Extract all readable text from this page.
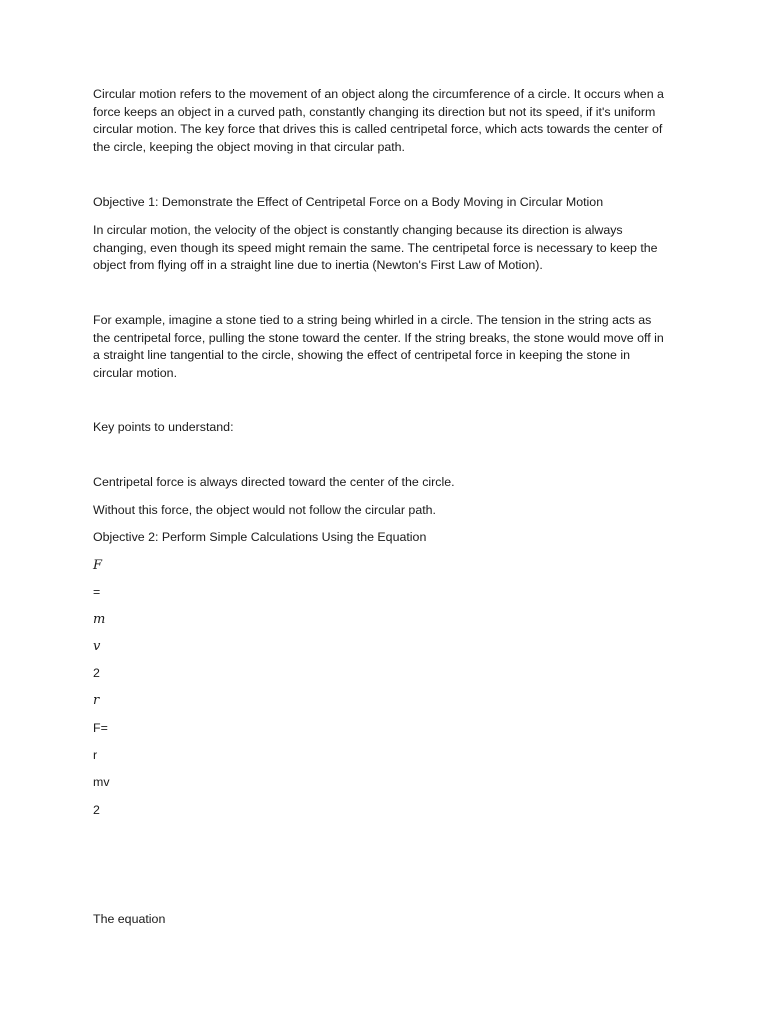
Circular motion refers to the movement of an object along the circumference of a circle. It occurs when a force keeps an object in a curved path, constantly changing its direction but not its speed, if it's uniform circular motion. The key force that drives this is called centripetal force, which acts towards the center of the circle, keeping the object moving in that circular path.

Objective 1: Demonstrate the Effect of Centripetal Force on a Body Moving in Circular Motion

In circular motion, the velocity of the object is constantly changing because its direction is always changing, even though its speed might remain the same. The centripetal force is necessary to keep the object from flying off in a straight line due to inertia (Newton's First Law of Motion).

For example, imagine a stone tied to a string being whirled in a circle. The tension in the string acts as the centripetal force, pulling the stone toward the center. If the string breaks, the stone would move off in a straight line tangential to the circle, showing the effect of centripetal force in keeping the stone in circular motion.

Key points to understand:

Centripetal force is always directed toward the center of the circle.

Without this force, the object would not follow the circular path.

Objective 2: Perform Simple Calculations Using the Equation

F

=

m

v

2

r

F=

r

mv

2

The equation
